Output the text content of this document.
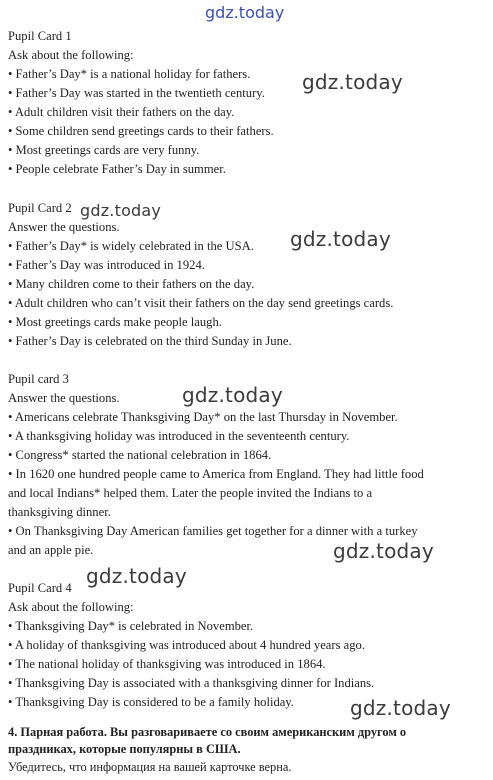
gdz.today
gdz.today
gdz.today
gdz.today
gdz.today
gdz.today
gdz.today
gdz.today
Pupil Card 1
Ask about the following:
• Father’s Day* is a national holiday for fathers.
• Father’s Day was started in the twentieth century.
• Adult children visit their fathers on the day.
• Some children send greetings cards to their fathers.
• Most greetings cards are very funny.
• People celebrate Father’s Day in summer.
Pupil Card 2
Answer the questions.
• Father’s Day* is widely celebrated in the USA.
• Father’s Day was introduced in 1924.
• Many children come to their fathers on the day.
• Adult children who can’t visit their fathers on the day send greetings cards.
• Most greetings cards make people laugh.
• Father’s Day is celebrated on the third Sunday in June.
Pupil card 3
Answer the questions.
• Americans celebrate Thanksgiving Day* on the last Thursday in November.
• A thanksgiving holiday was introduced in the seventeenth century.
• Congress* started the national celebration in 1864.
• In 1620 one hundred people came to America from England. They had little food
and local Indians* helped them. Later the people invited the Indians to a
thanksgiving dinner.
• On Thanksgiving Day American families get together for a dinner with a turkey
and an apple pie.
Pupil Card 4
Ask about the following:
• Thanksgiving Day* is celebrated in November.
• A holiday of thanksgiving was introduced about 4 hundred years ago.
• The national holiday of thanksgiving was introduced in 1864.
• Thanksgiving Day is associated with a thanksgiving dinner for Indians.
• Thanksgiving Day is considered to be a family holiday.
4. Парная работа. Вы разговариваете со своим американским другом о
праздниках, которые популярны в США.
Убедитесь, что информация на вашей карточке верна.
